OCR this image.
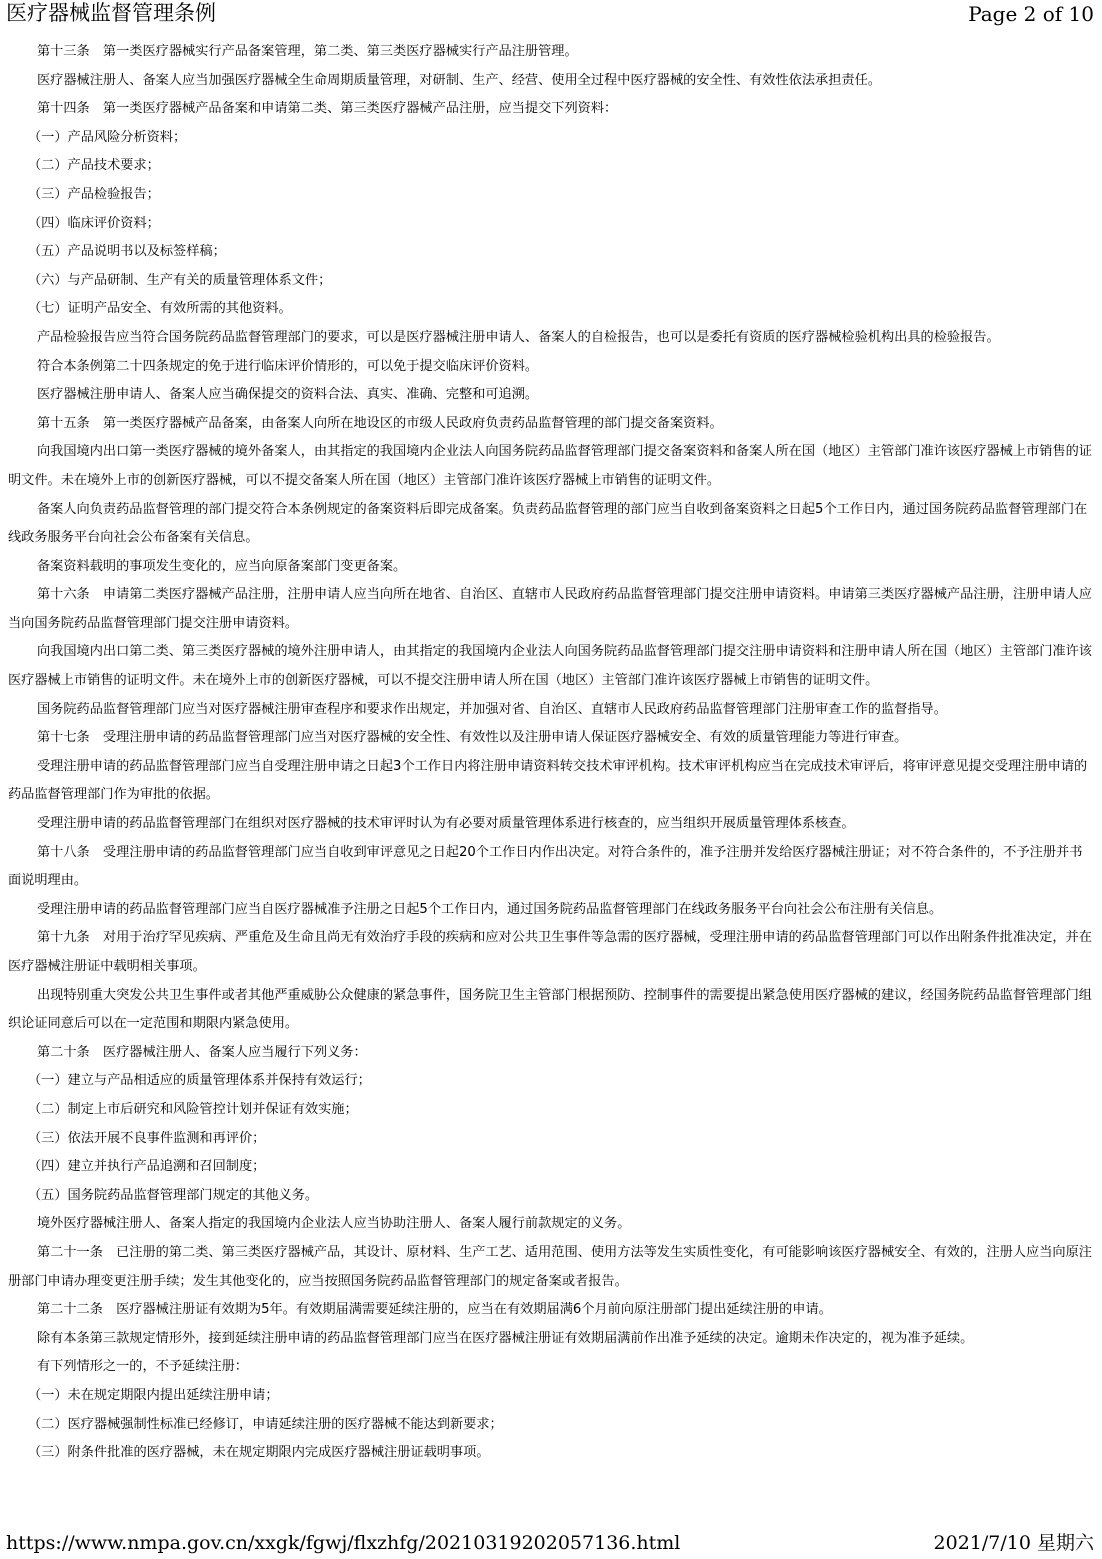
医疗器械监督管理条例	Page 2 of 10

第十三条　第一类医疗器械实行产品备案管理，第二类、第三类医疗器械实行产品注册管理。

医疗器械注册人、备案人应当加强医疗器械全生命周期质量管理，对研制、生产、经营、使用全过程中医疗器械的安全性、有效性依法承担责任。

第十四条　第一类医疗器械产品备案和申请第二类、第三类医疗器械产品注册，应当提交下列资料：

（一）产品风险分析资料；

（二）产品技术要求；

（三）产品检验报告；

（四）临床评价资料；

（五）产品说明书以及标签样稿；

（六）与产品研制、生产有关的质量管理体系文件；

（七）证明产品安全、有效所需的其他资料。

产品检验报告应当符合国务院药品监督管理部门的要求，可以是医疗器械注册申请人、备案人的自检报告，也可以是委托有资质的医疗器械检验机构出具的检验报告。

符合本条例第二十四条规定的免于进行临床评价情形的，可以免于提交临床评价资料。

医疗器械注册申请人、备案人应当确保提交的资料合法、真实、准确、完整和可追溯。

第十五条　第一类医疗器械产品备案，由备案人向所在地设区的市级人民政府负责药品监督管理的部门提交备案资料。

向我国境内出口第一类医疗器械的境外备案人，由其指定的我国境内企业法人向国务院药品监督管理部门提交备案资料和备案人所在国（地区）主管部门准许该医疗器械上市销售的证明文件。未在境外上市的创新医疗器械，可以不提交备案人所在国（地区）主管部门准许该医疗器械上市销售的证明文件。

备案人向负责药品监督管理的部门提交符合本条例规定的备案资料后即完成备案。负责药品监督管理的部门应当自收到备案资料之日起5个工作日内，通过国务院药品监督管理部门在线政务服务平台向社会公布备案有关信息。

备案资料载明的事项发生变化的，应当向原备案部门变更备案。

第十六条　申请第二类医疗器械产品注册，注册申请人应当向所在地省、自治区、直辖市人民政府药品监督管理部门提交注册申请资料。申请第三类医疗器械产品注册，注册申请人应当向国务院药品监督管理部门提交注册申请资料。

向我国境内出口第二类、第三类医疗器械的境外注册申请人，由其指定的我国境内企业法人向国务院药品监督管理部门提交注册申请资料和注册申请人所在国（地区）主管部门准许该医疗器械上市销售的证明文件。未在境外上市的创新医疗器械，可以不提交注册申请人所在国（地区）主管部门准许该医疗器械上市销售的证明文件。

国务院药品监督管理部门应当对医疗器械注册审查程序和要求作出规定，并加强对省、自治区、直辖市人民政府药品监督管理部门注册审查工作的监督指导。

第十七条　受理注册申请的药品监督管理部门应当对医疗器械的安全性、有效性以及注册申请人保证医疗器械安全、有效的质量管理能力等进行审查。

受理注册申请的药品监督管理部门应当自受理注册申请之日起3个工作日内将注册申请资料转交技术审评机构。技术审评机构应当在完成技术审评后，将审评意见提交受理注册申请的药品监督管理部门作为审批的依据。

受理注册申请的药品监督管理部门在组织对医疗器械的技术审评时认为有必要对质量管理体系进行核查的，应当组织开展质量管理体系核查。

第十八条　受理注册申请的药品监督管理部门应当自收到审评意见之日起20个工作日内作出决定。对符合条件的，准予注册并发给医疗器械注册证；对不符合条件的，不予注册并书面说明理由。

受理注册申请的药品监督管理部门应当自医疗器械准予注册之日起5个工作日内，通过国务院药品监督管理部门在线政务服务平台向社会公布注册有关信息。

第十九条　对用于治疗罕见疾病、严重危及生命且尚无有效治疗手段的疾病和应对公共卫生事件等急需的医疗器械，受理注册申请的药品监督管理部门可以作出附条件批准决定，并在医疗器械注册证中载明相关事项。

出现特别重大突发公共卫生事件或者其他严重威胁公众健康的紧急事件，国务院卫生主管部门根据预防、控制事件的需要提出紧急使用医疗器械的建议，经国务院药品监督管理部门组织论证同意后可以在一定范围和期限内紧急使用。

第二十条　医疗器械注册人、备案人应当履行下列义务：

（一）建立与产品相适应的质量管理体系并保持有效运行；

（二）制定上市后研究和风险管控计划并保证有效实施；

（三）依法开展不良事件监测和再评价；

（四）建立并执行产品追溯和召回制度；

（五）国务院药品监督管理部门规定的其他义务。

境外医疗器械注册人、备案人指定的我国境内企业法人应当协助注册人、备案人履行前款规定的义务。

第二十一条　已注册的第二类、第三类医疗器械产品，其设计、原材料、生产工艺、适用范围、使用方法等发生实质性变化，有可能影响该医疗器械安全、有效的，注册人应当向原注册部门申请办理变更注册手续；发生其他变化的，应当按照国务院药品监督管理部门的规定备案或者报告。

第二十二条　医疗器械注册证有效期为5年。有效期届满需要延续注册的，应当在有效期届满6个月前向原注册部门提出延续注册的申请。

除有本条第三款规定情形外，接到延续注册申请的药品监督管理部门应当在医疗器械注册证有效期届满前作出准予延续的决定。逾期未作决定的，视为准予延续。

有下列情形之一的，不予延续注册：

（一）未在规定期限内提出延续注册申请；

（二）医疗器械强制性标准已经修订，申请延续注册的医疗器械不能达到新要求；

（三）附条件批准的医疗器械，未在规定期限内完成医疗器械注册证载明事项。

https://www.nmpa.gov.cn/xxgk/fgwj/flxzhfg/20210319202057136.html	2021/7/10 星期六
